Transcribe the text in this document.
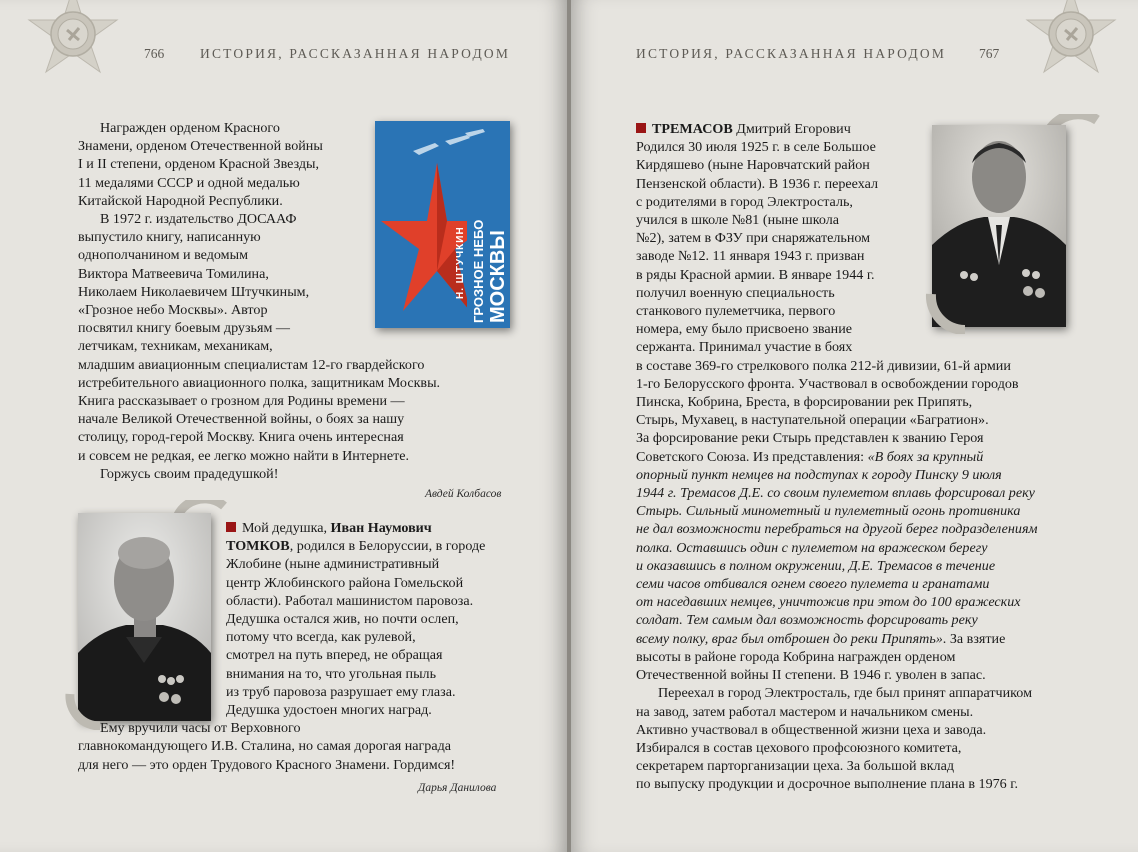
766	ИСТОРИЯ, РАССКАЗАННАЯ НАРОДОМ

Награжден орденом Красного

Знамени, орденом Отечественной войны

I и II степени, орденом Красной Звезды,

11 медалями СССР и одной медалью

Китайской Народной Республики.

В 1972 г. издательство ДОСААФ

выпустило книгу, написанную

однополчанином и ведомым

Виктора Матвеевича Томилина,

Николаем Николаевичем Штучкиным,

«Грозное небо Москвы». Автор

посвятил книгу боевым друзьям —

летчикам, техникам, механикам,

младшим авиационным специалистам 12-го гвардейского

истребительного авиационного полка, защитникам Москвы.

Книга рассказывает о грозном для Родины времени —

начале Великой Отечественной войны, о боях за нашу

столицу, город-герой Москву. Книга очень интересная

и совсем не редкая, ее легко можно найти в Интернете.

Горжусь своим прадедушкой!

Авдей Колбасов
Н. ШТУЧКИН ГРОЗНОЕ НЕБО МОСКВЫ

Мой дедушка, Иван Наумович

ТОМКОВ, родился в Белоруссии, в городе

Жлобине (ныне административный

центр Жлобинского района Гомельской

области). Работал машинистом паровоза.

Дедушка остался жив, но почти ослеп,

потому что всегда, как рулевой,

смотрел на путь вперед, не обращая

внимания на то, что угольная пыль

из труб паровоза разрушает ему глаза.

Дедушка удостоен многих наград.

Ему вручили часы от Верховного

главнокомандующего И.В. Сталина, но самая дорогая награда

для него — это орден Трудового Красного Знамени. Гордимся!

Дарья Данилова
ИСТОРИЯ, РАССКАЗАННАЯ НАРОДОМ 767

ТРЕМАСОВ Дмитрий Егорович

Родился 30 июля 1925 г. в селе Большое

Кирдяшево (ныне Наровчатский район

Пензенской области). В 1936 г. переехал

с родителями в город Электросталь,

учился в школе №81 (ныне школа

№2), затем в ФЗУ при снаряжательном

заводе №12. 11 января 1943 г. призван

в ряды Красной армии. В январе 1944 г.

получил военную специальность

станкового пулеметчика, первого

номера, ему было присвоено звание

сержанта. Принимал участие в боях

в составе 369-го стрелкового полка 212-й дивизии, 61-й армии

1-го Белорусского фронта. Участвовал в освобождении городов

Пинска, Кобрина, Бреста, в форсировании рек Припять,

Стырь, Мухавец, в наступательной операции «Багратион».

За форсирование реки Стырь представлен к званию Героя

Советского Союза. Из представления: «В боях за крупный

опорный пункт немцев на подступах к городу Пинску 9 июля

1944 г. Тремасов Д.Е. со своим пулеметом вплавь форсировал реку

Стырь. Сильный минометный и пулеметный огонь противника

не дал возможности перебраться на другой берег подразделениям

полка. Оставшись один с пулеметом на вражеском берегу

и оказавшись в полном окружении, Д.Е. Тремасов в течение

семи часов отбивался огнем своего пулемета и гранатами

от наседавших немцев, уничтожив при этом до 100 вражеских

солдат. Тем самым дал возможность форсировать реку

всему полку, враг был отброшен до реки Припять». За взятие

высоты в районе города Кобрина награжден орденом

Отечественной войны II степени. В 1946 г. уволен в запас.

Переехал в город Электросталь, где был принят аппаратчиком

на завод, затем работал мастером и начальником смены.

Активно участвовал в общественной жизни цеха и завода.

Избирался в состав цехового профсоюзного комитета,

секретарем парторганизации цеха. За большой вклад

по выпуску продукции и досрочное выполнение плана в 1976 г.
